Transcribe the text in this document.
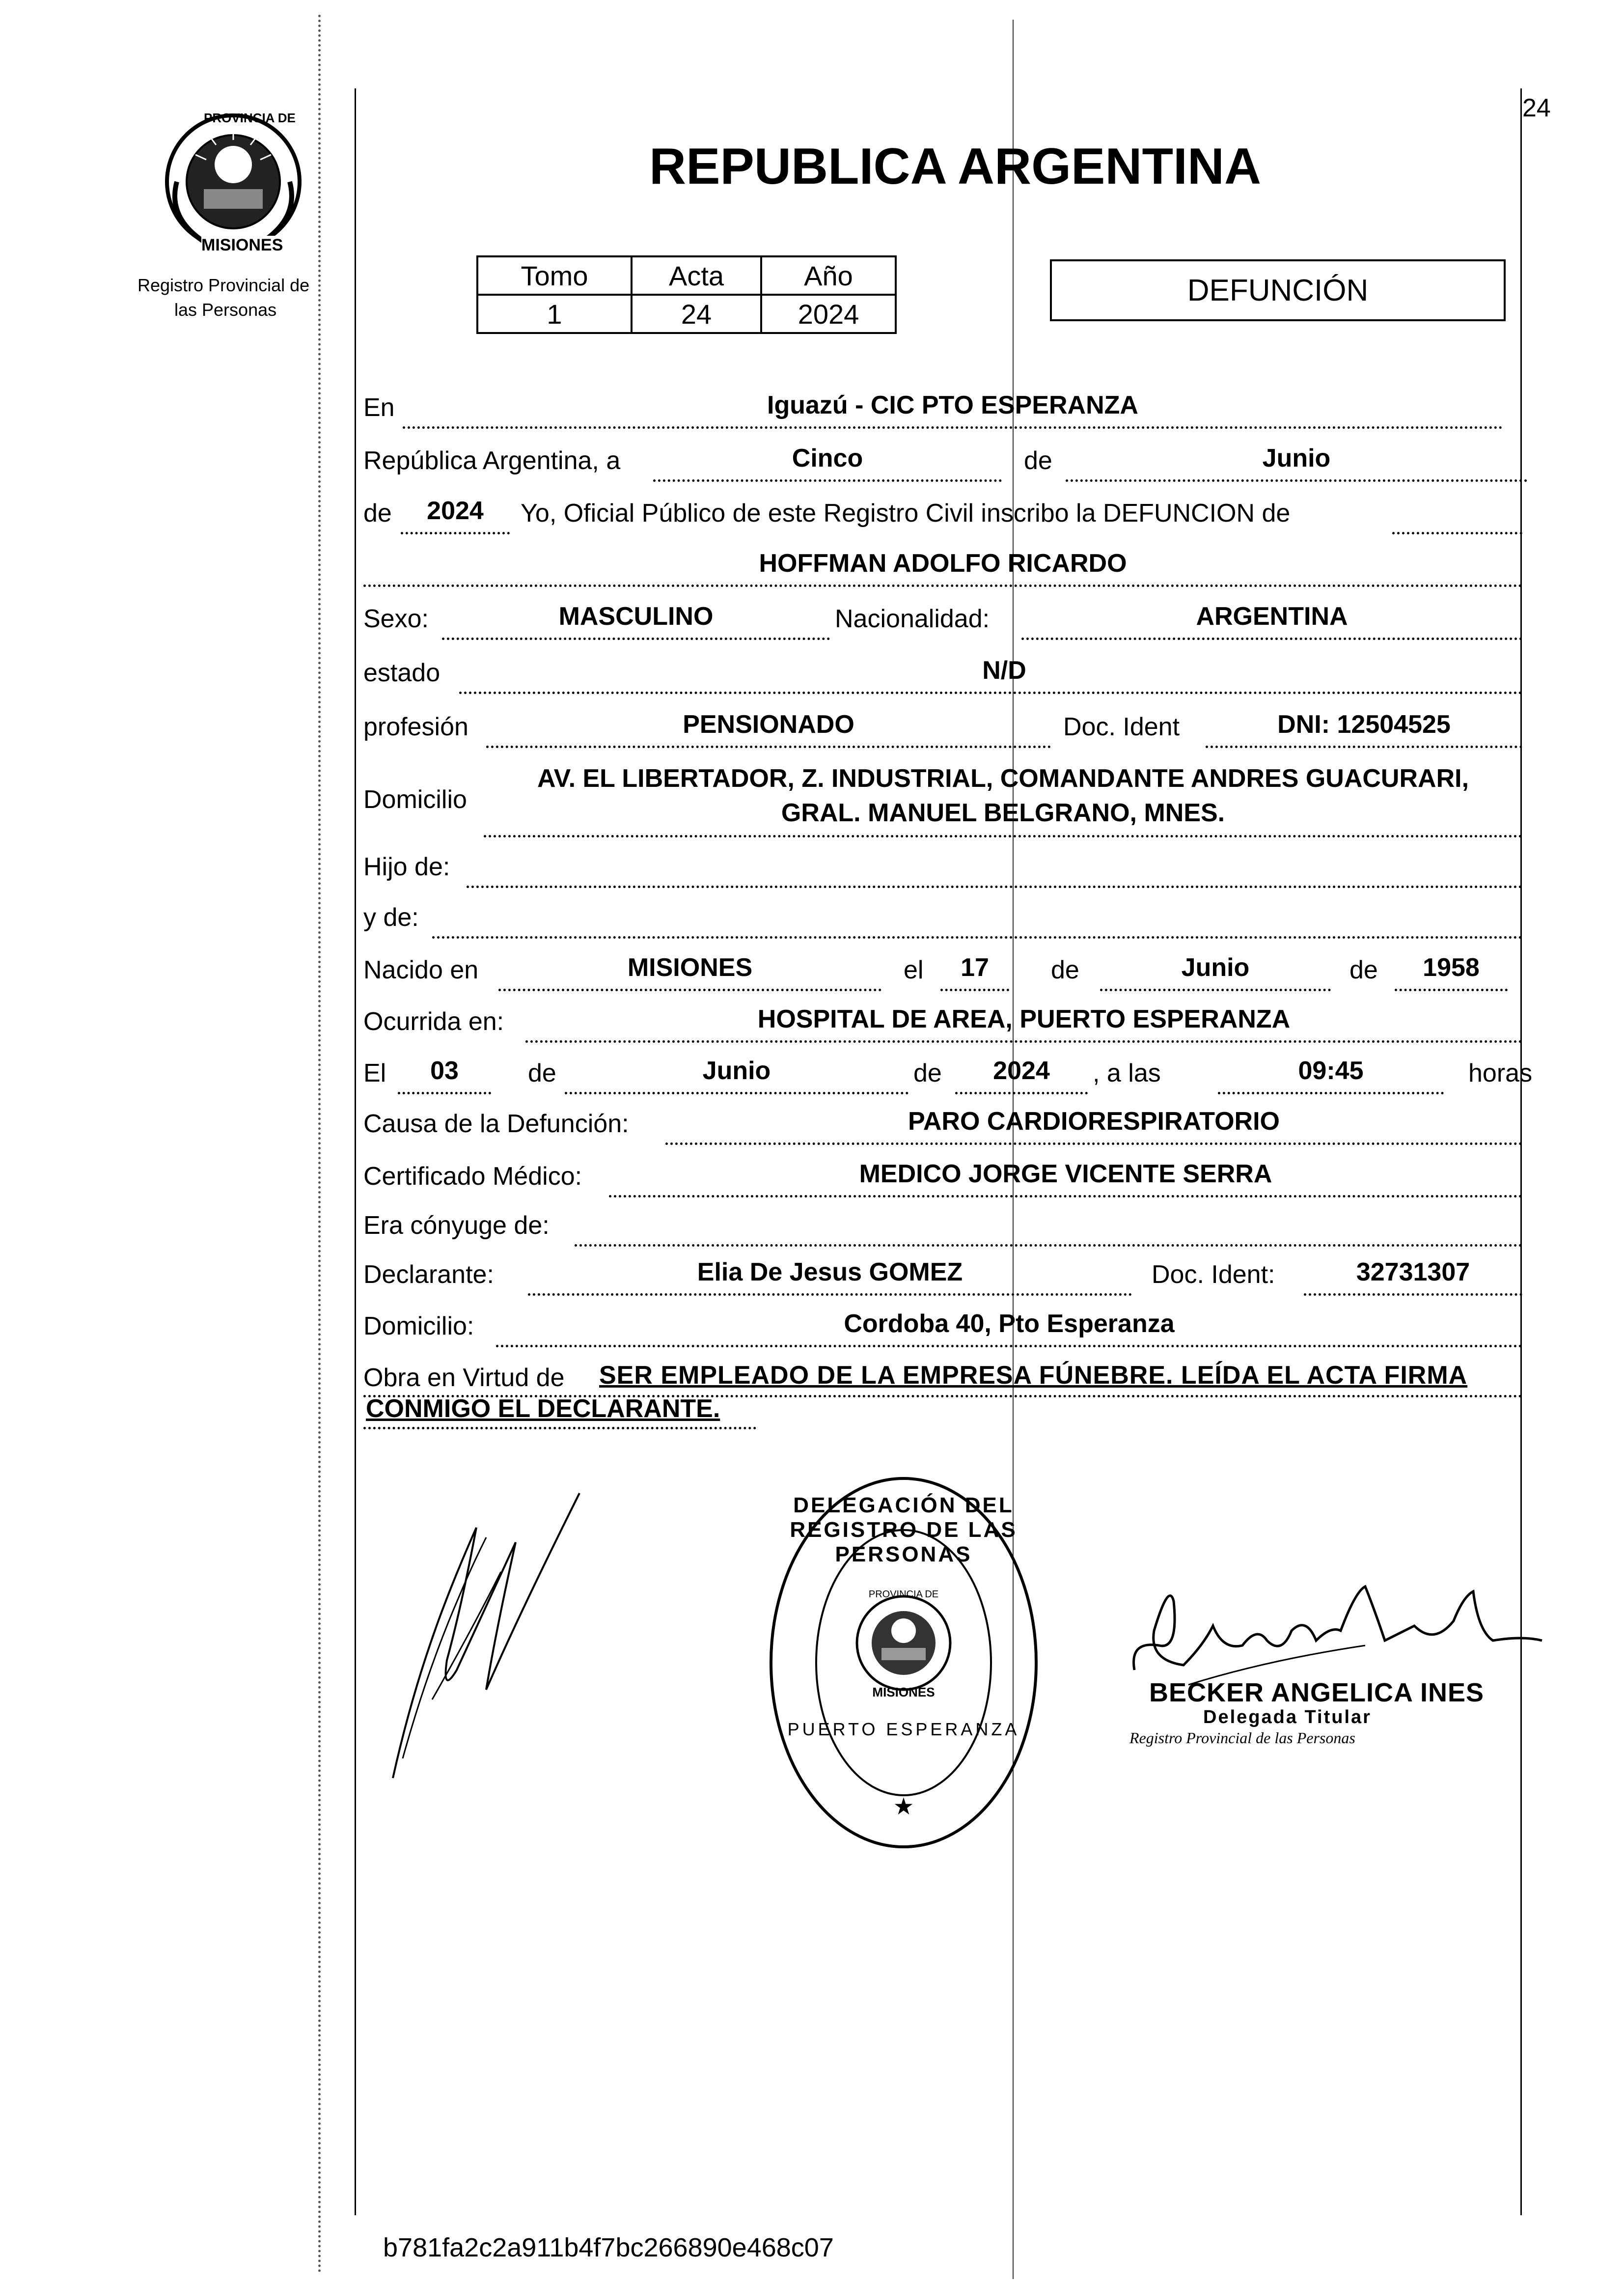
24
PROVINCIA DE
MISIONES
Registro Provincial de
las Personas
REPUBLICA ARGENTINA
Tomo	Acta	Año
1	24	2024
DEFUNCIÓN
En	Iguazú - CIC PTO ESPERANZA
República Argentina, a	Cinco	de	Junio
de	2024	Yo, Oficial Público de este Registro Civil inscribo la DEFUNCION de
HOFFMAN ADOLFO RICARDO
Sexo:	MASCULINO	Nacionalidad:	ARGENTINA
estado	N/D
profesión	PENSIONADO	Doc. Ident	DNI: 12504525
Domicilio
AV. EL LIBERTADOR, Z. INDUSTRIAL, COMANDANTE ANDRES GUACURARI,
GRAL. MANUEL BELGRANO, MNES.
Hijo de:
y de:
Nacido en	MISIONES	el	17	de	Junio	de	1958
Ocurrida en:	HOSPITAL DE AREA, PUERTO ESPERANZA
El	03	de	Junio	de	2024	, a las	09:45	horas
Causa de la Defunción:	PARO CARDIORESPIRATORIO
Certificado Médico:	MEDICO JORGE VICENTE SERRA
Era cónyuge de:
Declarante:	Elia De Jesus GOMEZ	Doc. Ident:	32731307
Domicilio:	Cordoba 40, Pto Esperanza
Obra en Virtud de SER EMPLEADO DE LA EMPRESA FÚNEBRE. LEÍDA EL ACTA FIRMA
CONMIGO EL DECLARANTE.
DELEGACIÓN DEL REGISTRO DE LAS PERSONAS
PROVINCIA DE
MISIONES
PUERTO ESPERANZA
★
BECKER ANGELICA INES
Delegada Titular
Registro Provincial de las Personas
b781fa2c2a911b4f7bc266890e468c07
